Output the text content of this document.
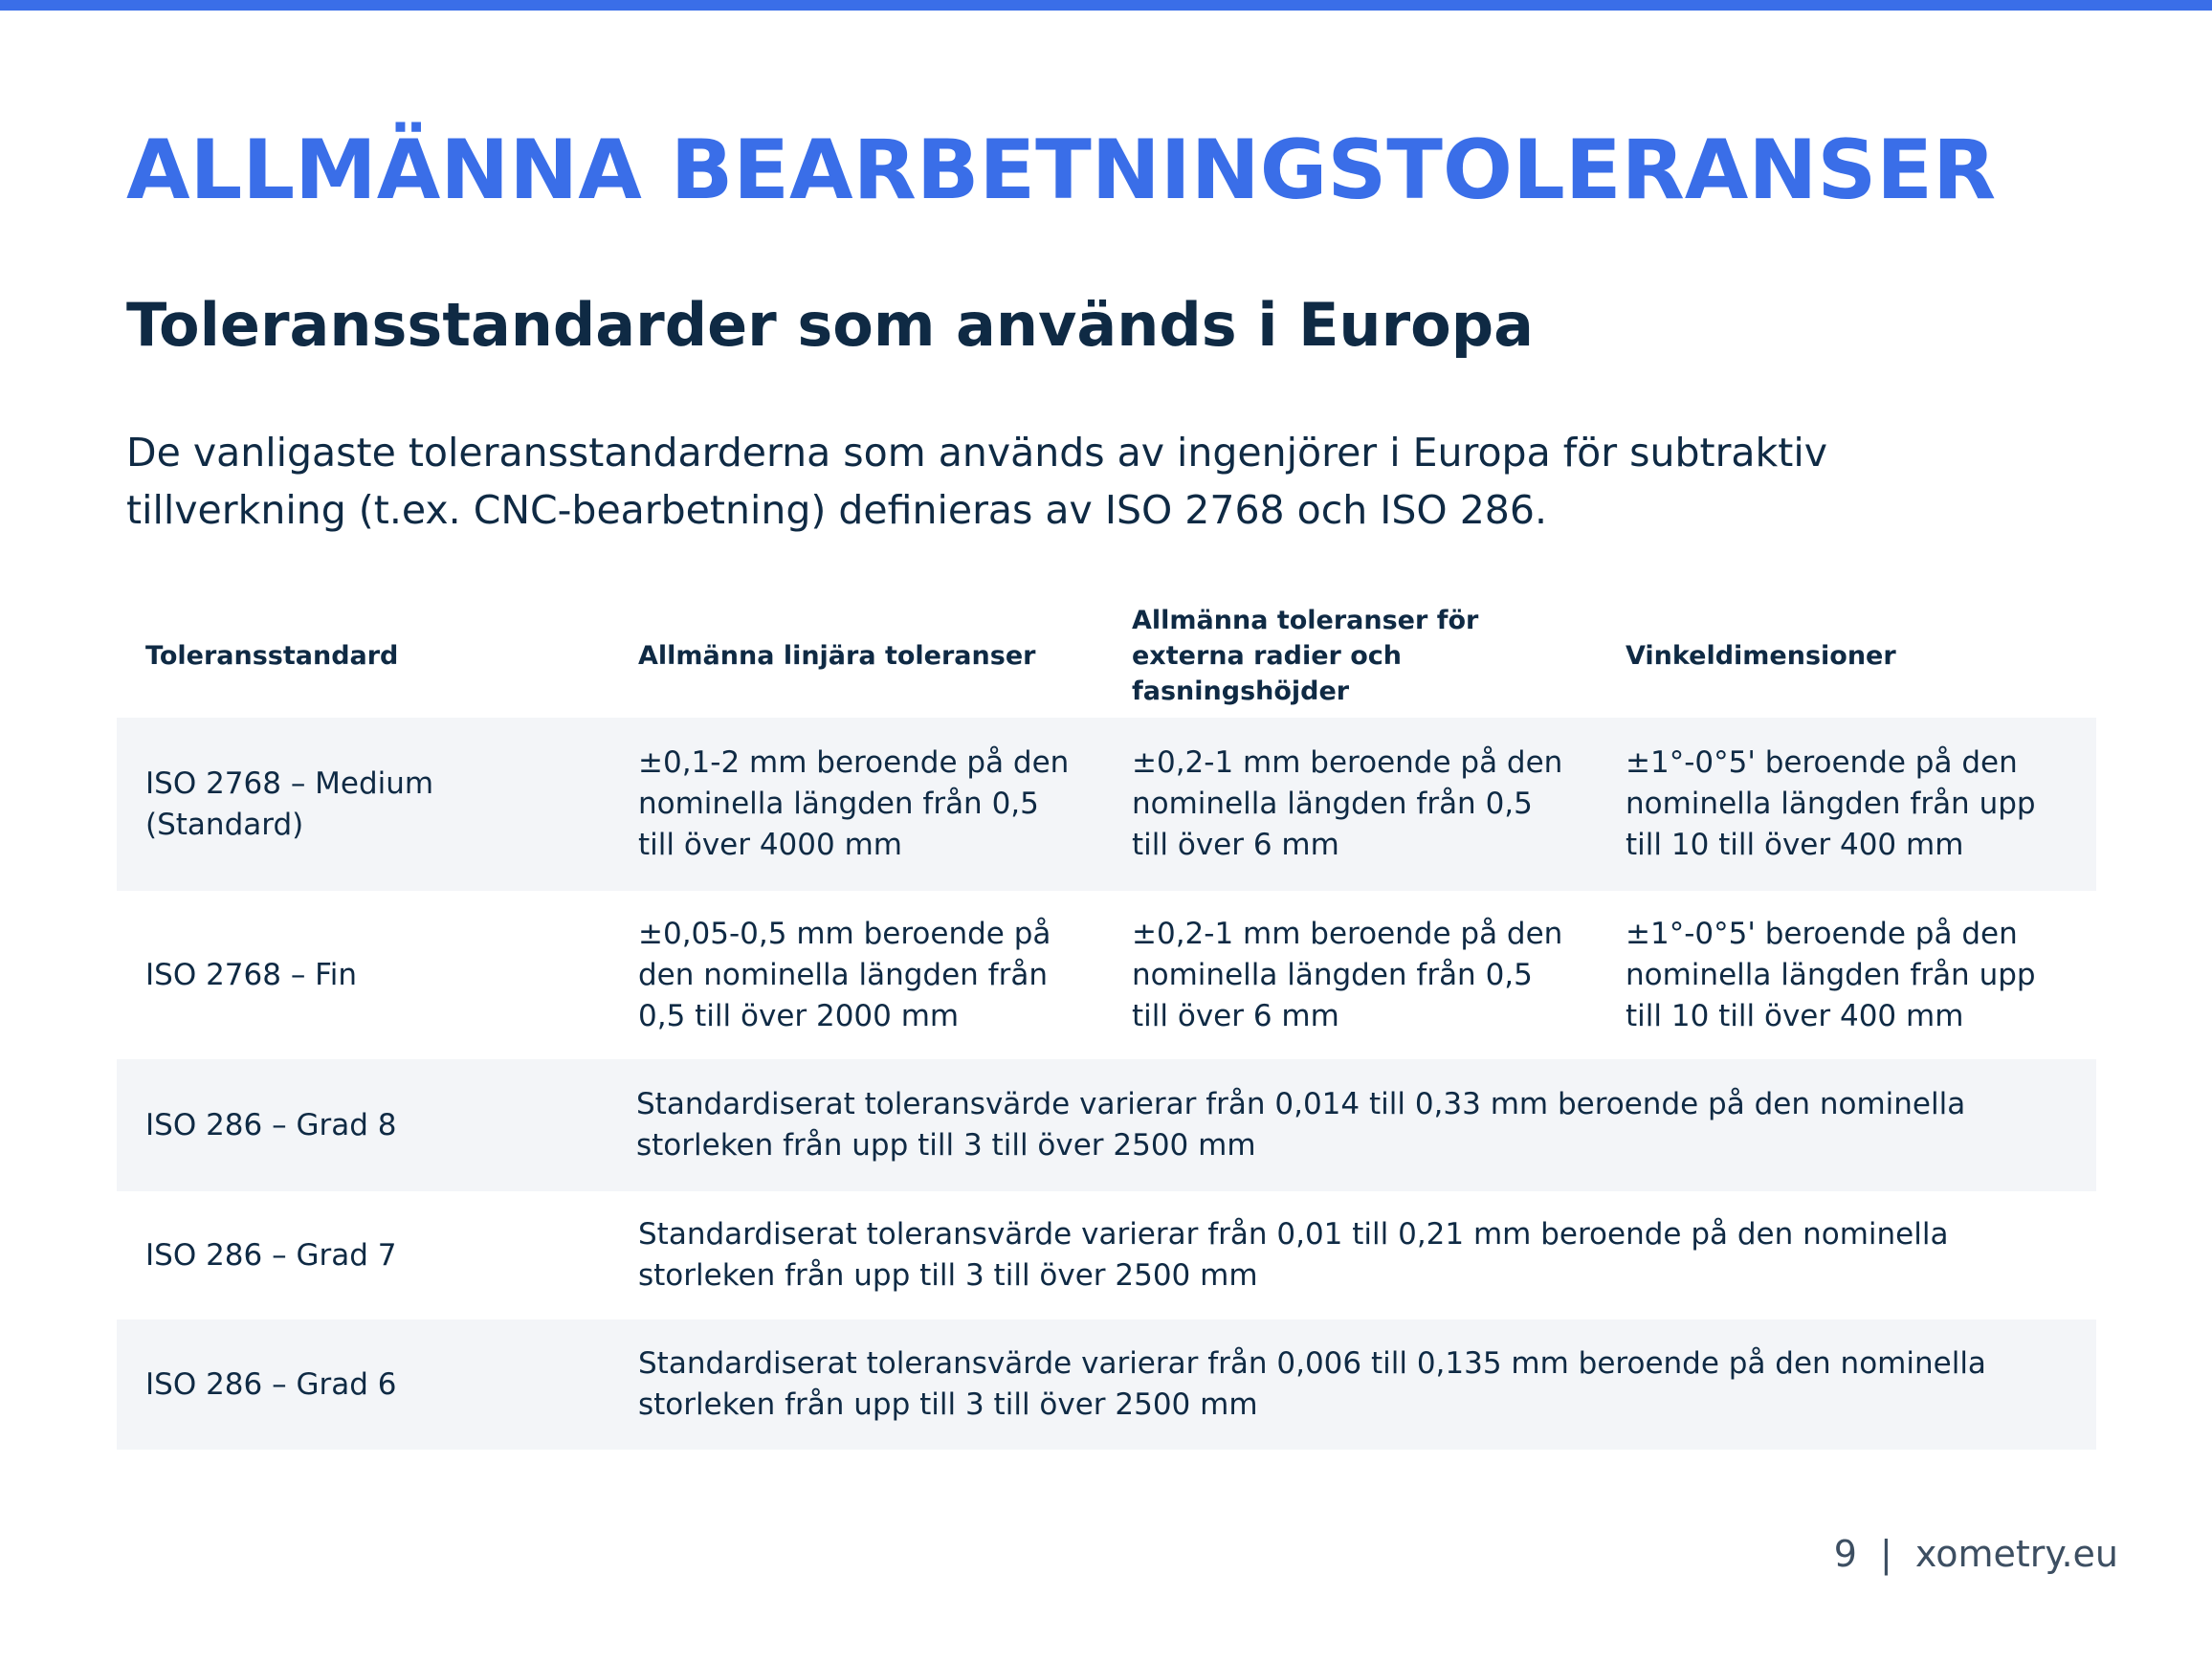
ALLMÄNNA BEARBETNINGSTOLERANSER
Toleransstandarder som används i Europa

De vanligaste toleransstandarderna som används av ingenjörer i Europa för subtraktiv tillverkning (t.ex. CNC-bearbetning) definieras av ISO 2768 och ISO 286.

Toleransstandard	Allmänna linjära toleranser	Allmänna toleranser för externa radier och fasningshöjder	Vinkeldimensioner
ISO 2768 – Medium (Standard)	±0,1-2 mm beroende på den nominella längden från 0,5 till över 4000 mm	±0,2-1 mm beroende på den nominella längden från 0,5 till över 6 mm	±1°-0°5' beroende på den nominella längden från upp till 10 till över 400 mm
ISO 2768 – Fin	±0,05-0,5 mm beroende på den nominella längden från 0,5 till över 2000 mm	±0,2-1 mm beroende på den nominella längden från 0,5 till över 6 mm	±1°-0°5' beroende på den nominella längden från upp till 10 till över 400 mm
ISO 286 – Grad 8	Standardiserat toleransvärde varierar från 0,014 till 0,33 mm beroende på den nominella storleken från upp till 3 till över 2500 mm		
ISO 286 – Grad 7	Standardiserat toleransvärde varierar från 0,01 till 0,21 mm beroende på den nominella storleken från upp till 3 till över 2500 mm		
ISO 286 – Grad 6	Standardiserat toleransvärde varierar från 0,006 till 0,135 mm beroende på den nominella storleken från upp till 3 till över 2500 mm		
9 | xometry.eu
